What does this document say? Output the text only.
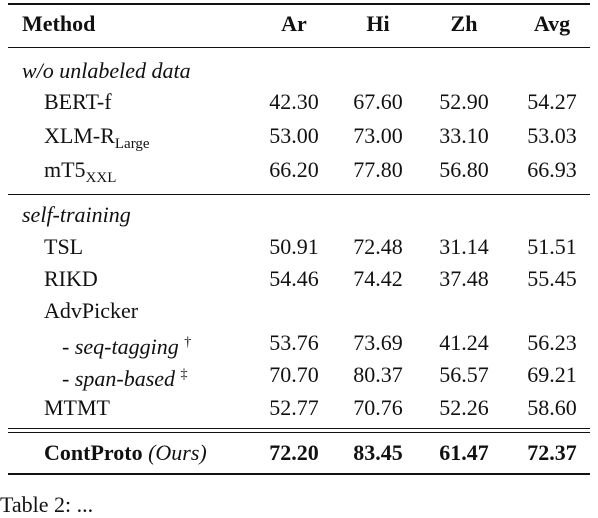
Method	Ar	Hi	Zh	Avg
w/o unlabeled data
BERT-f	42.30	67.60	52.90	54.27
XLM-$R_{Large}$	53.00	73.00	33.10	53.03
$mT5_{XXL}$	66.20	77.80	56.80	66.93
self-training
TSL	50.91	72.48	31.14	51.51
RIKD	54.46	74.42	37.48	55.45
AdvPicker
- seq-tagging †	53.76	73.69	41.24	56.23
- span-based ‡	70.70	80.37	56.57	69.21
MTMT	52.77	70.76	52.26	58.60
ContProto (Ours)	72.20	83.45	61.47	72.37
Table 2: ...
